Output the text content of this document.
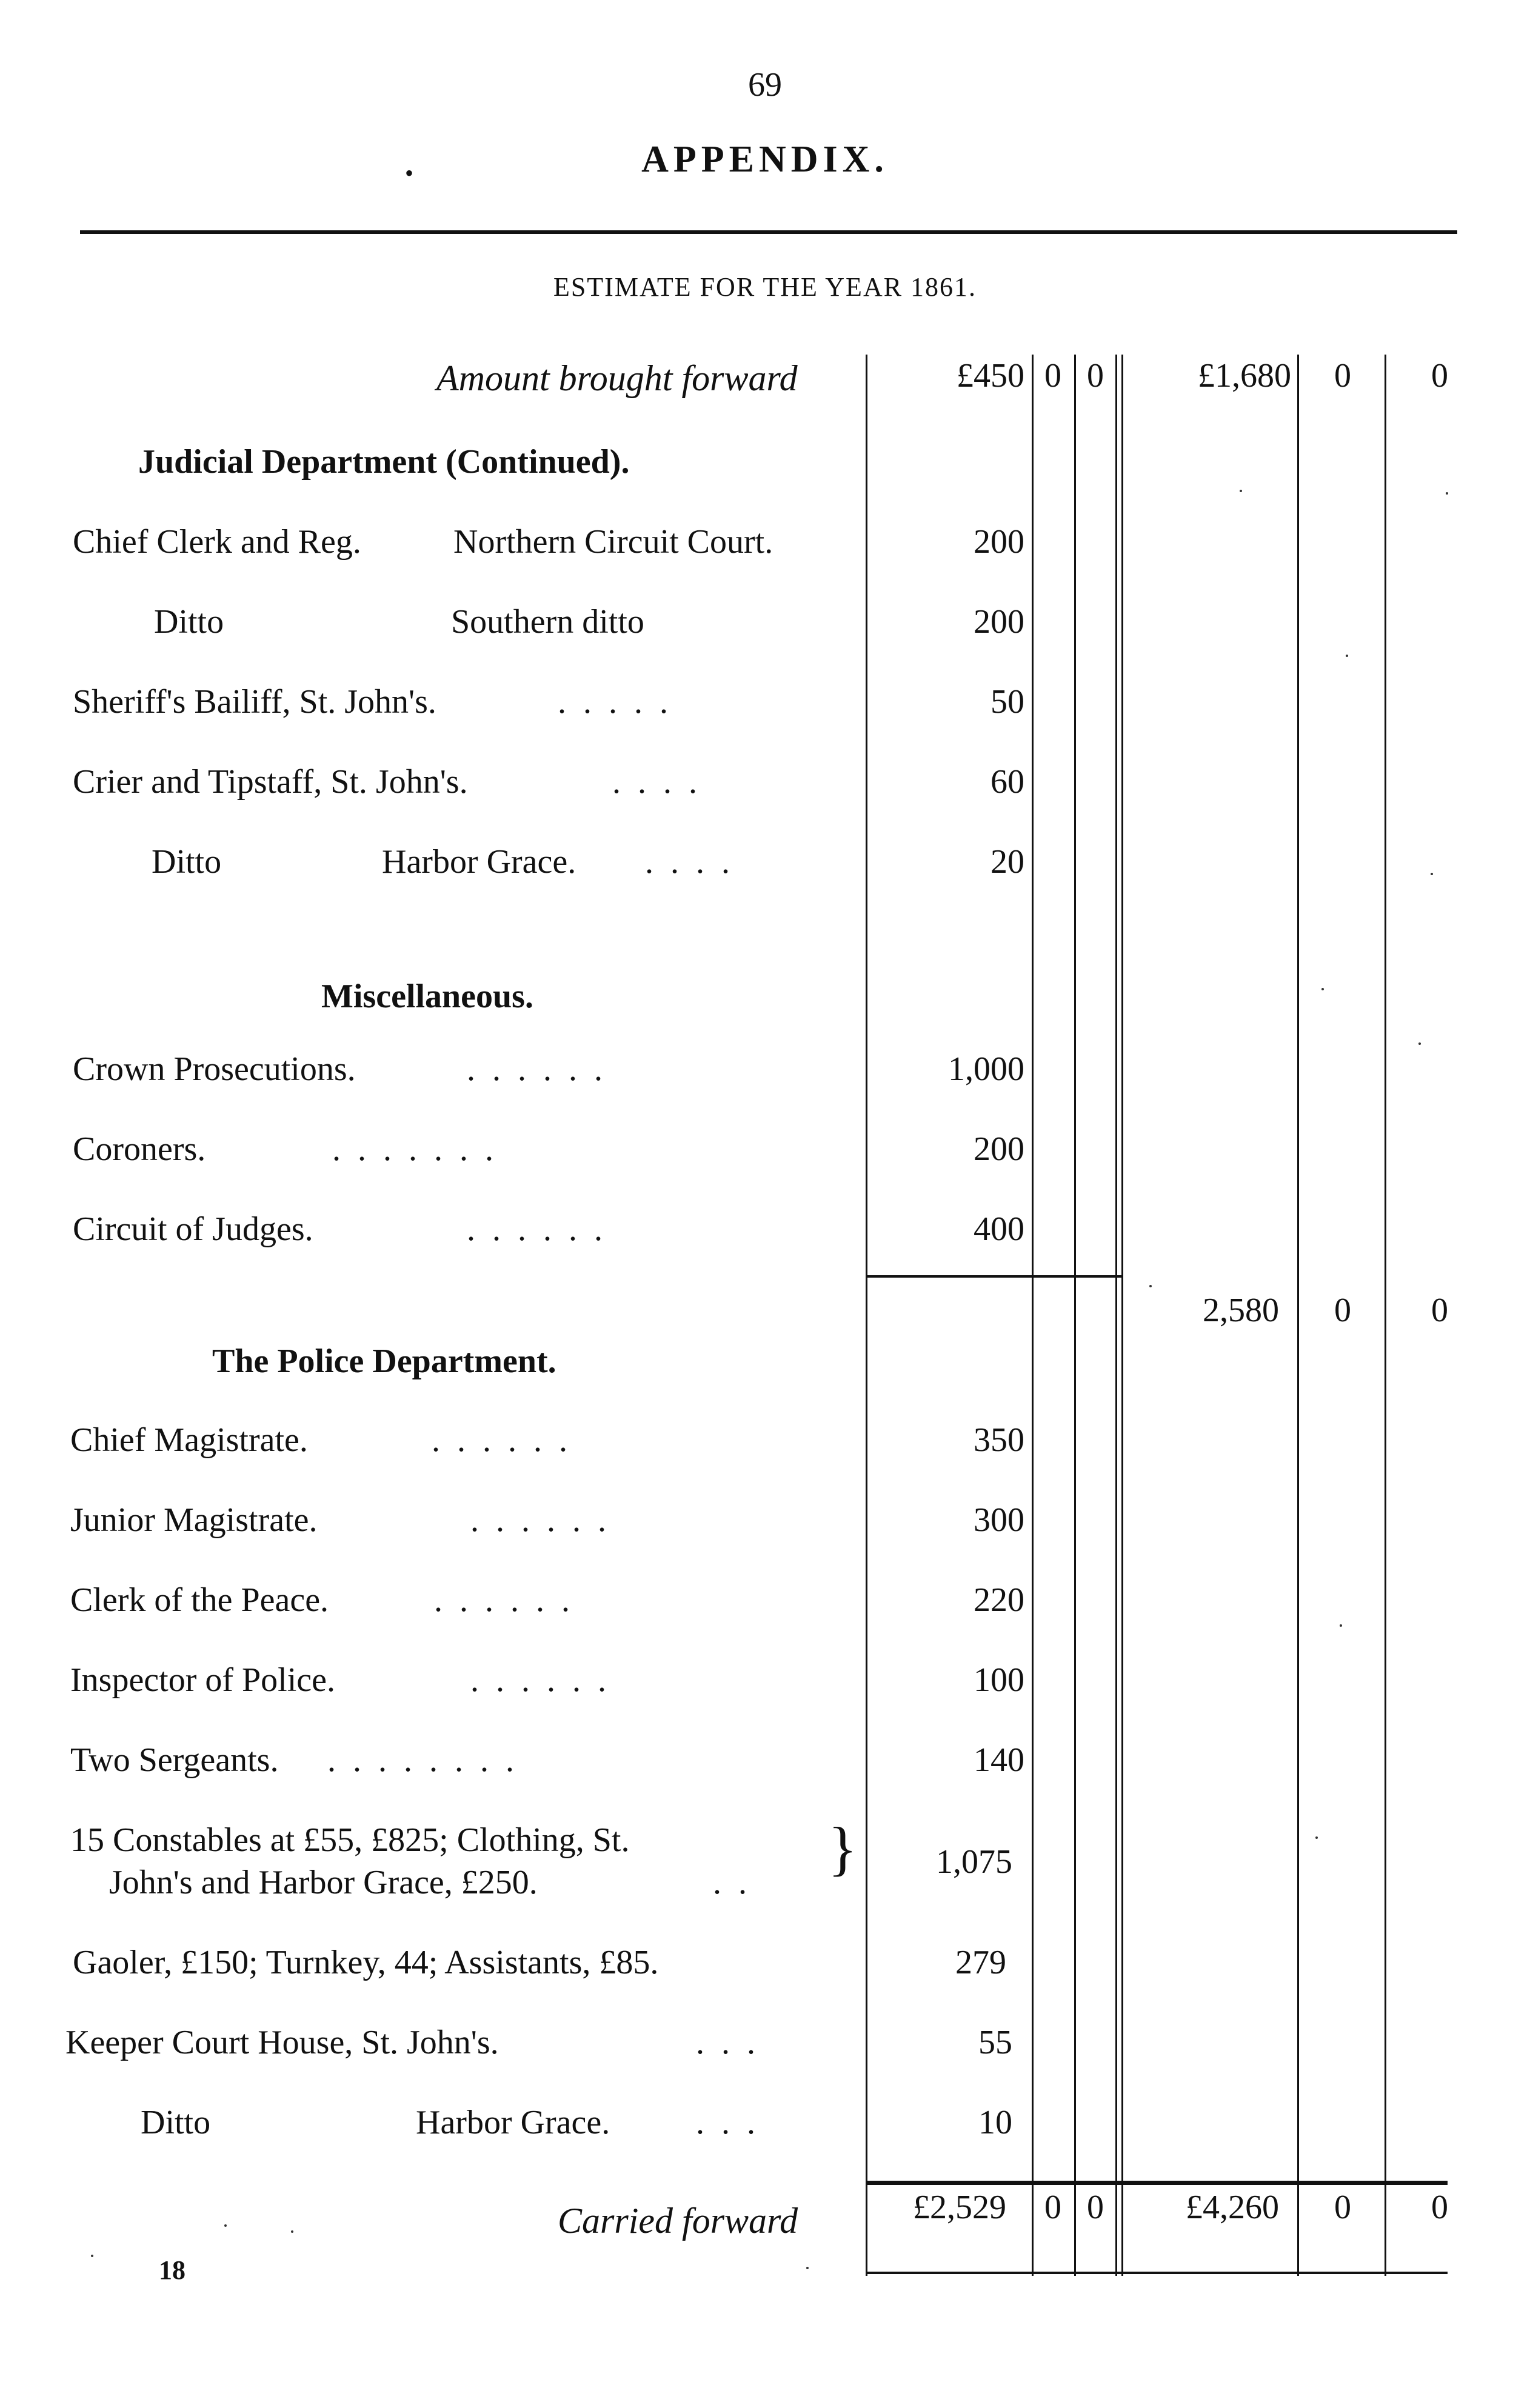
69
•	APPENDIX.
ESTIMATE FOR THE YEAR 1861.
Amount brought forward	£450 0 0	£1,680	0	0
Judicial Department (Continued).
Chief Clerk and Reg.	Northern Circuit Court.	200
Ditto	Southern ditto	200
Sheriff's Bailiff, St. John's.	.....	50
Crier and Tipstaff, St. John's.	....	60
Ditto	Harbor Grace. ....	20
Miscellaneous.
Crown Prosecutions.	......	1,000
Coroners.	.......	200
Circuit of Judges.	......	400
2,580	0	0
The Police Department.
Chief Magistrate.	......	350
Junior Magistrate.	......	300
Clerk of the Peace.	......	220
Inspector of Police.	......	100
Two Sergeants. ........	140
15 Constables at £55, £825; Clothing, St.
John's and Harbor Grace, £250.	..
}	1,075
Gaoler, £150; Turnkey, 44; Assistants, £85.	279
Keeper Court House, St. John's.	...	55
Ditto	Harbor Grace.	...	10
Carried forward	£2,529	0 0	£4,260	0	0
18
